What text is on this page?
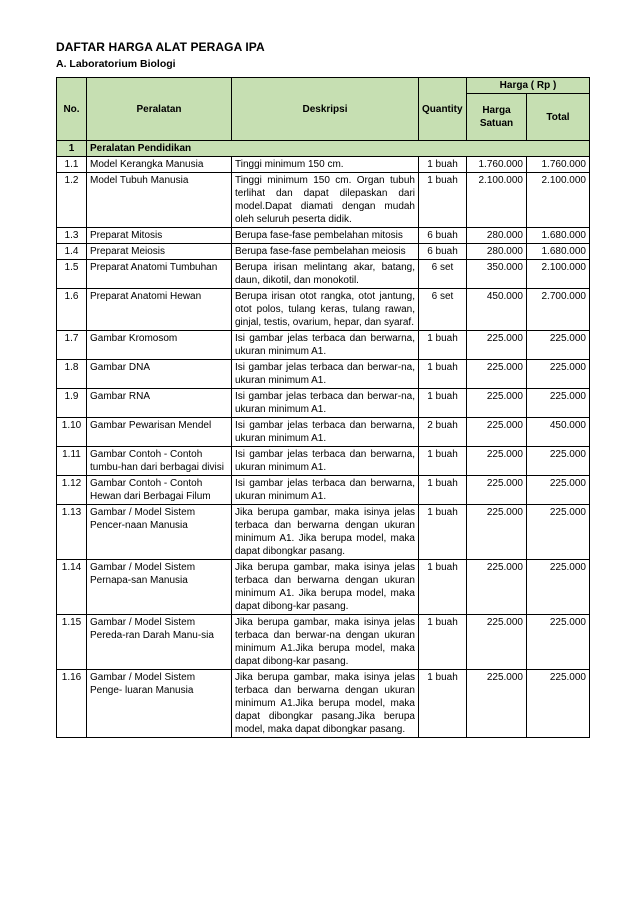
DAFTAR HARGA ALAT PERAGA IPA
A. Laboratorium Biologi
No.	Peralatan	Deskripsi	Quantity	Harga ( Rp )	
				Harga Satuan	Total
1	Peralatan Pendidikan				
1.1	Model Kerangka Manusia	Tinggi minimum 150 cm.	1 buah	1.760.000	1.760.000
1.2	Model Tubuh Manusia	Tinggi minimum 150 cm. Organ tubuh terlihat dan dapat dilepaskan dari model.Dapat diamati dengan mudah oleh seluruh peserta didik.	1 buah	2.100.000	2.100.000
1.3	Preparat Mitosis	Berupa fase-fase pembelahan mitosis	6 buah	280.000	1.680.000
1.4	Preparat Meiosis	Berupa fase-fase pembelahan meiosis	6 buah	280.000	1.680.000
1.5	Preparat Anatomi Tumbuhan	Berupa irisan melintang akar, batang, daun, dikotil, dan monokotil.	6 set	350.000	2.100.000
1.6	Preparat Anatomi Hewan	Berupa irisan otot rangka, otot jantung, otot polos, tulang keras, tulang rawan, ginjal, testis, ovarium, hepar, dan syaraf.	6 set	450.000	2.700.000
1.7	Gambar Kromosom	Isi gambar jelas terbaca dan berwarna, ukuran minimum A1.	1 buah	225.000	225.000
1.8	Gambar DNA	Isi gambar jelas terbaca dan berwar-na, ukuran minimum A1.	1 buah	225.000	225.000
1.9	Gambar RNA	Isi gambar jelas terbaca dan berwar-na, ukuran minimum A1.	1 buah	225.000	225.000
1.10	Gambar Pewarisan Mendel	Isi gambar jelas terbaca dan berwarna, ukuran minimum A1.	2 buah	225.000	450.000
1.11	Gambar Contoh - Contoh tumbu-han dari berbagai divisi	Isi gambar jelas terbaca dan berwarna, ukuran minimum A1.	1 buah	225.000	225.000
1.12	Gambar Contoh - Contoh Hewan dari Berbagai Filum	Isi gambar jelas terbaca dan berwarna, ukuran minimum A1.	1 buah	225.000	225.000
1.13	Gambar / Model Sistem Pencer-naan Manusia	Jika berupa gambar, maka isinya jelas terbaca dan berwarna dengan ukuran minimum A1. Jika berupa model, maka dapat dibongkar pasang.	1 buah	225.000	225.000
1.14	Gambar / Model Sistem Pernapa-san Manusia	Jika berupa gambar, maka isinya jelas terbaca dan berwarna dengan ukuran minimum A1. Jika berupa model, maka dapat dibong-kar pasang.	1 buah	225.000	225.000
1.15	Gambar / Model Sistem Pereda-ran Darah Manu-sia	Jika berupa gambar, maka isinya jelas terbaca dan berwar-na dengan ukuran minimum A1.Jika berupa model, maka dapat dibong-kar pasang.	1 buah	225.000	225.000
1.16	Gambar / Model Sistem Penge- luaran Manusia	Jika berupa gambar, maka isinya jelas terbaca dan berwarna dengan ukuran minimum A1.Jika berupa model, maka dapat dibongkar pasang.Jika berupa model, maka dapat dibongkar pasang.	1 buah	225.000	225.000
